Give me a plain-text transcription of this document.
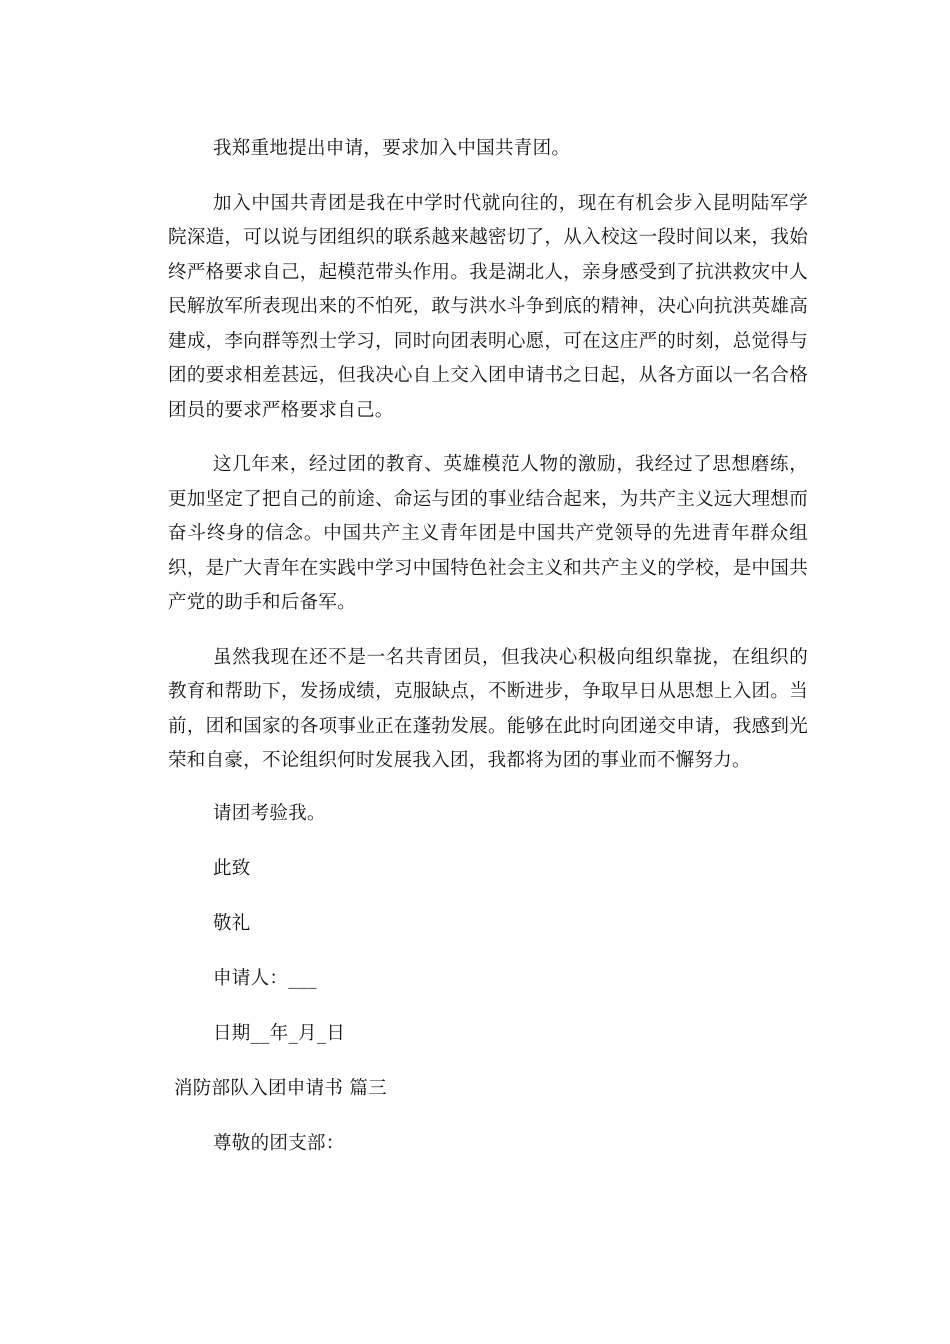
我郑重地提出申请，要求加入中国共青团。

加入中国共青团是我在中学时代就向往的，现在有机会步入昆明陆军学院深造，可以说与团组织的联系越来越密切了，从入校这一段时间以来，我始终严格要求自己，起模范带头作用。我是湖北人，亲身感受到了抗洪救灾中人民解放军所表现出来的不怕死，敢与洪水斗争到底的精神，决心向抗洪英雄高建成，李向群等烈士学习，同时向团表明心愿，可在这庄严的时刻，总觉得与团的要求相差甚远，但我决心自上交入团申请书之日起，从各方面以一名合格团员的要求严格要求自己。

这几年来，经过团的教育、英雄模范人物的激励，我经过了思想磨练，更加坚定了把自己的前途、命运与团的事业结合起来，为共产主义远大理想而奋斗终身的信念。中国共产主义青年团是中国共产党领导的先进青年群众组织，是广大青年在实践中学习中国特色社会主义和共产主义的学校，是中国共产党的助手和后备军。

虽然我现在还不是一名共青团员，但我决心积极向组织靠拢，在组织的教育和帮助下，发扬成绩，克服缺点，不断进步，争取早日从思想上入团。当前，团和国家的各项事业正在蓬勃发展。能够在此时向团递交申请，我感到光荣和自豪，不论组织何时发展我入团，我都将为团的事业而不懈努力。

请团考验我。

此致

敬礼

申请人：___

日期__年_月_日

消防部队入团申请书 篇三

尊敬的团支部：
